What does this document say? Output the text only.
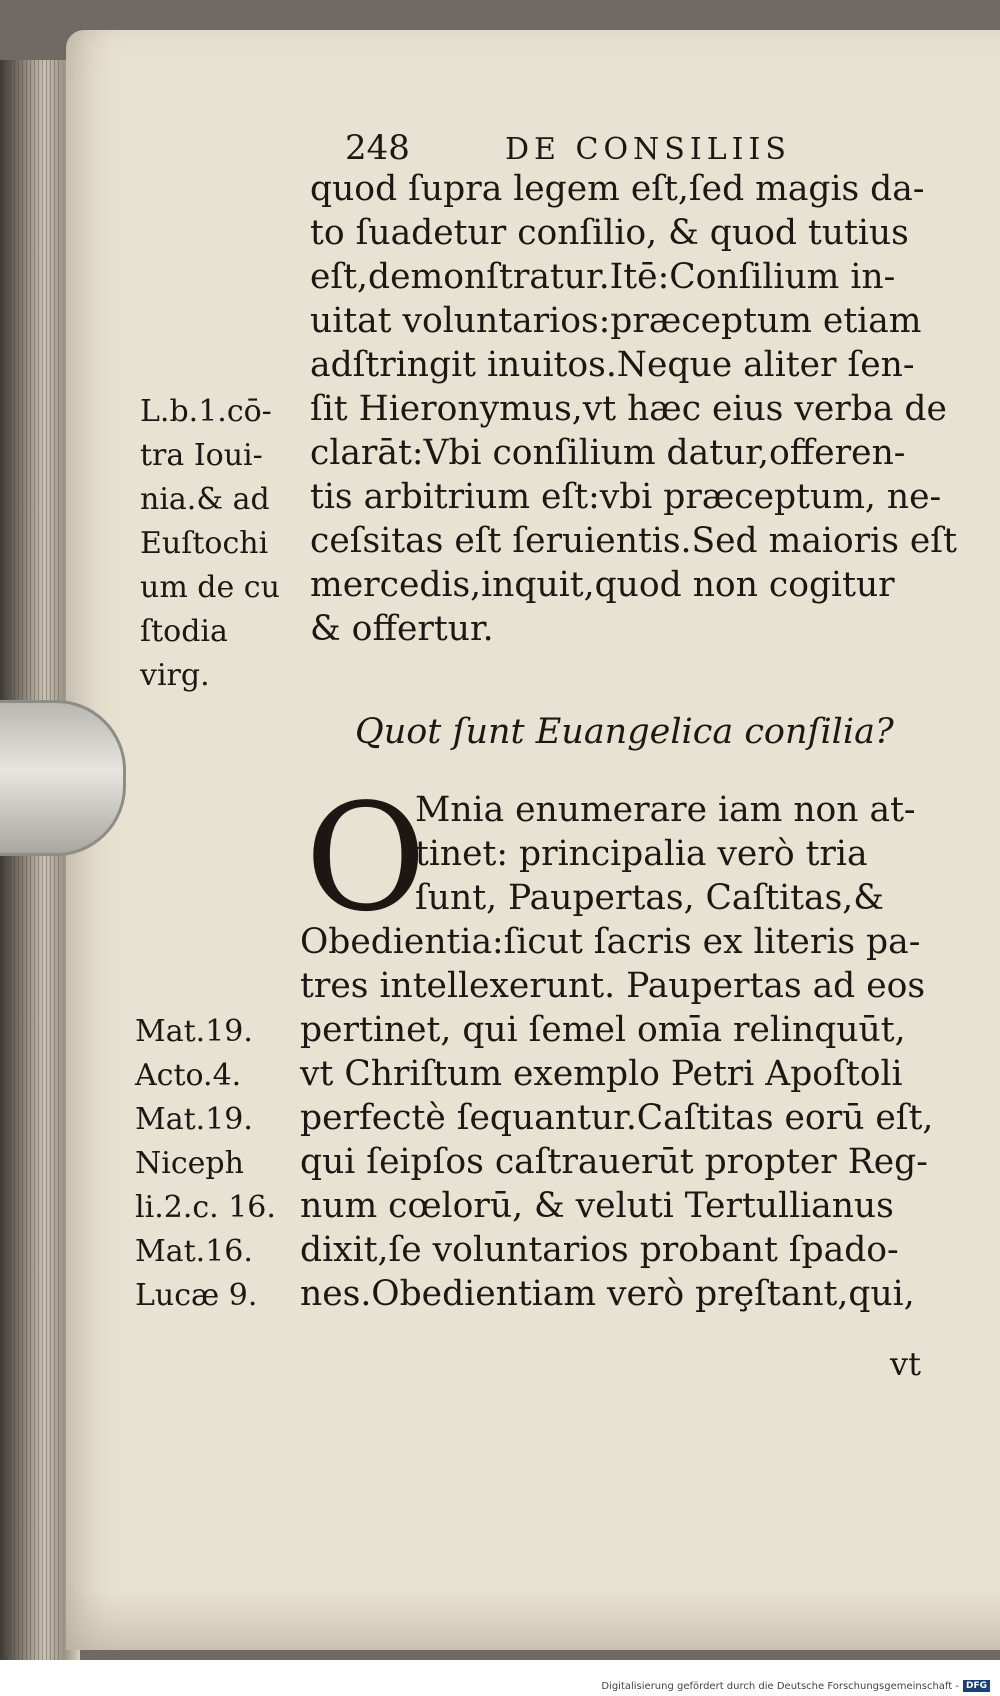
248	DE CONSILIIS
quod ſupra legem eſt,ſed magis da-
to ſuadetur conſilio, & quod tutius
eſt,demonſtratur.Itē:Conſilium in-
uitat voluntarios:præceptum etiam
adſtringit inuitos.Neque aliter ſen-
ſit Hieronymus,vt hæc eius verba de
clarāt:Vbi conſilium datur,offeren-
tis arbitrium eſt:vbi præceptum, ne-
ceſsitas eſt ſeruientis.Sed maioris eſt
mercedis,inquit,quod non cogitur
& offertur.
L.b.1.cō-
tra Ioui-
nia.& ad
Euſtochi
um de cu
ſtodia
virg.
Quot ſunt Euangelica conſilia?
O
Mnia enumerare iam non at-
tinet: principalia verò tria
ſunt, Paupertas, Caſtitas,&
Obedientia:ſicut ſacris ex literis pa-
tres intellexerunt. Paupertas ad eos
pertinet, qui ſemel omīa relinquūt,
vt Chriſtum exemplo Petri Apoſtoli
perfectè ſequantur.Caſtitas eorū eſt,
qui ſeipſos caſtrauerūt propter Reg-
num cœlorū, & veluti Tertullianus
dixit,ſe voluntarios probant ſpado-
nes.Obedientiam verò prȩſtant,qui,
Mat.19.
Acto.4.
Mat.19.
Niceph
li.2.c. 16.
Mat.16.
Lucæ 9.
vt
Digitalisierung gefördert durch die Deutsche Forschungsgemeinschaft - DFG
